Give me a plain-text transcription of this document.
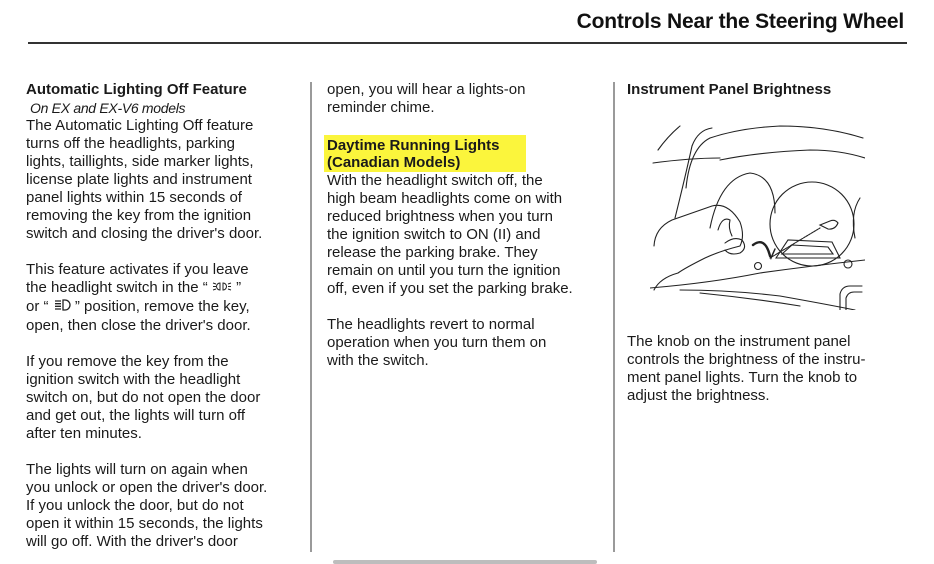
Controls Near the Steering Wheel
Automatic Lighting Off Feature
On EX and EX-V6 models

The Automatic Lighting Off feature

turns off the headlights, parking

lights, taillights, side marker lights,

license plate lights and instrument

panel lights within 15 seconds of

removing the key from the ignition

switch and closing the driver's door.

This feature activates if you leave

the headlight switch in the “  ”

or “  ” position, remove the key,

open, then close the driver's door.

If you remove the key from the

ignition switch with the headlight

switch on, but do not open the door

and get out, the lights will turn off

after ten minutes.

The lights will turn on again when

you unlock or open the driver's door.

If you unlock the door, but do not

open it within 15 seconds, the lights

will go off. With the driver's door

open, you will hear a lights-on

reminder chime.

Daytime Running Lights
(Canadian Models)

With the headlight switch off, the

high beam headlights come on with

reduced brightness when you turn

the ignition switch to ON (II) and

release the parking brake. They

remain on until you turn the ignition

off, even if you set the parking brake.

The headlights revert to normal

operation when you turn them on

with the switch.

Instrument Panel Brightness

The knob on the instrument panel

controls the brightness of the instru-

ment panel lights. Turn the knob to

adjust the brightness.
